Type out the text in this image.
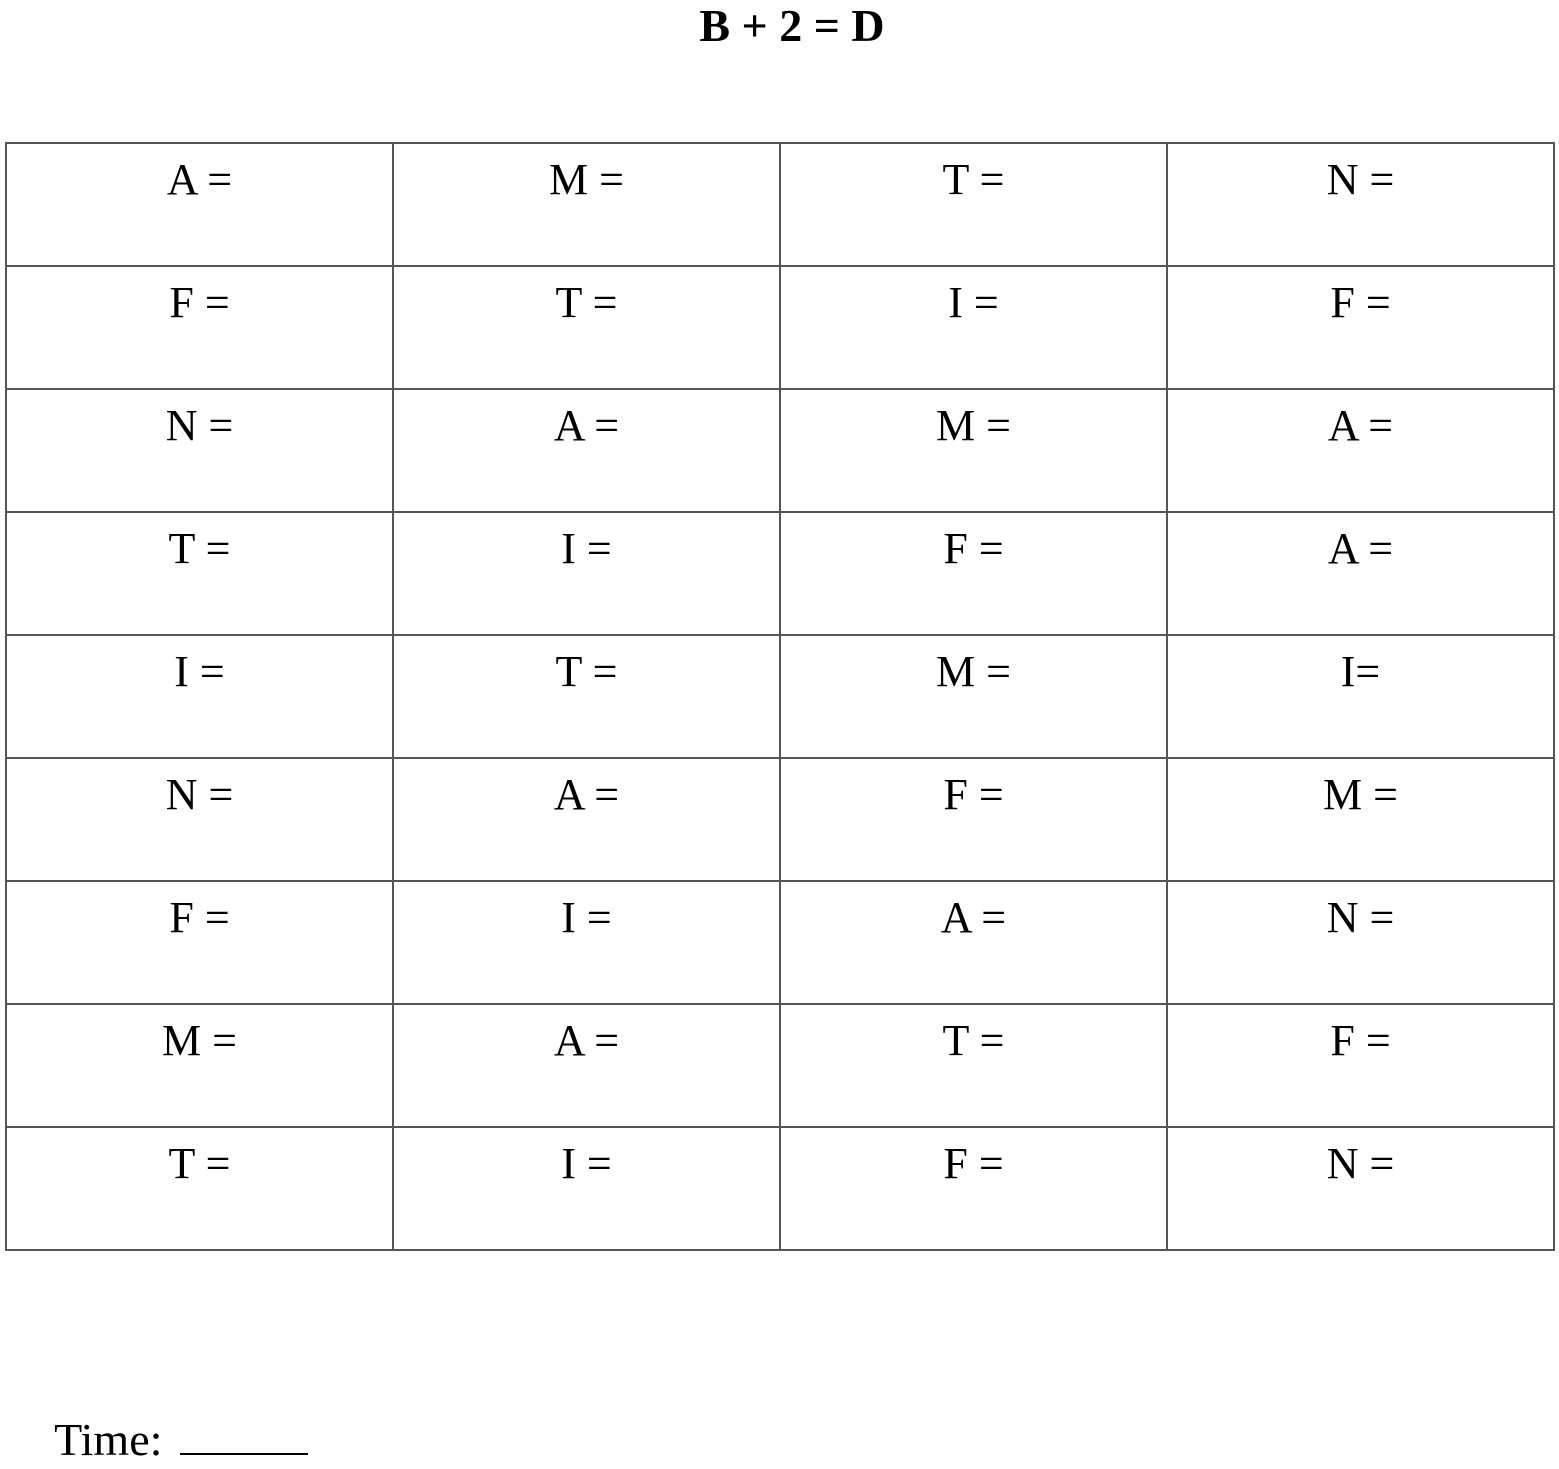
B + 2 = D
A =	M =	T =	N =
F =	T =	I =	F =
N =	A =	M =	A =
T =	I =	F =	A =
I =	T =	M =	I=
N =	A =	F =	M =
F =	I =	A =	N =
M =	A =	T =	F =
T =	I =	F =	N =

Time:
